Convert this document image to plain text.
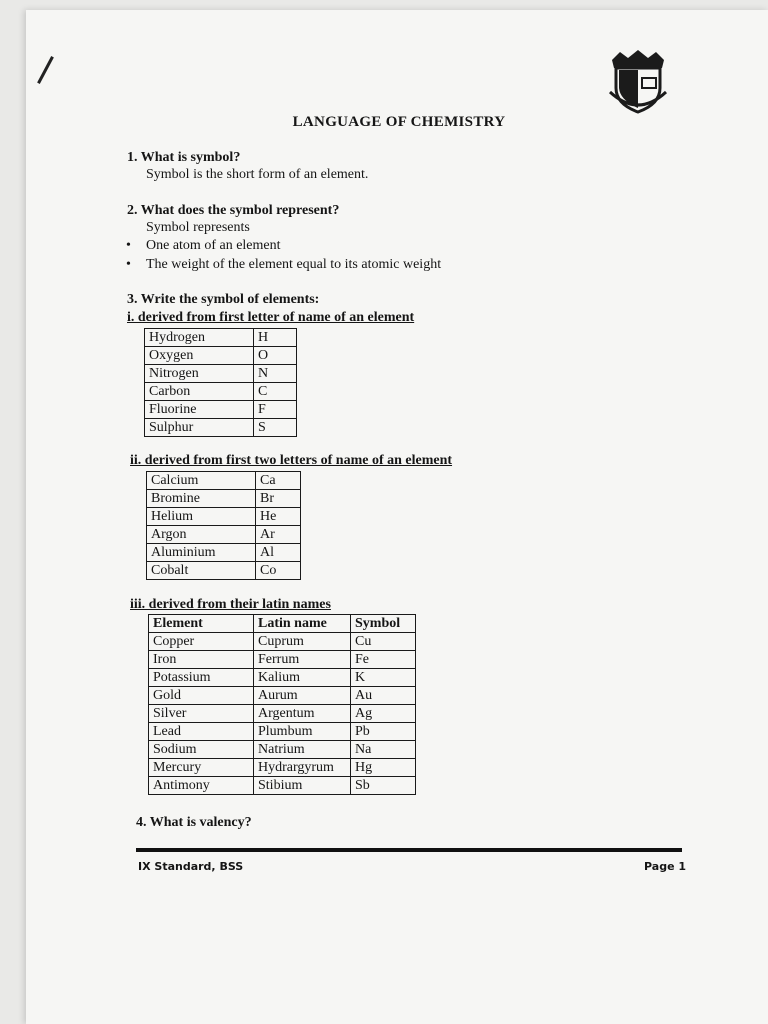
LANGUAGE OF CHEMISTRY
1. What is symbol?
Symbol is the short form of an element.
2. What does the symbol represent?
Symbol represents
• One atom of an element
• The weight of the element equal to its atomic weight
3. Write the symbol of elements:
i. derived from first letter of name of an element
Hydrogen	H
Oxygen	O
Nitrogen	N
Carbon	C
Fluorine	F
Sulphur	S
ii. derived from first two letters of name of an element
Calcium	Ca
Bromine	Br
Helium	He
Argon	Ar
Aluminium	Al
Cobalt	Co
iii. derived from their latin names
Element	Latin name	Symbol
Copper	Cuprum	Cu
Iron	Ferrum	Fe
Potassium	Kalium	K
Gold	Aurum	Au
Silver	Argentum	Ag
Lead	Plumbum	Pb
Sodium	Natrium	Na
Mercury	Hydrargyrum	Hg
Antimony	Stibium	Sb
4. What is valency?
IX Standard, BSS	Page 1
